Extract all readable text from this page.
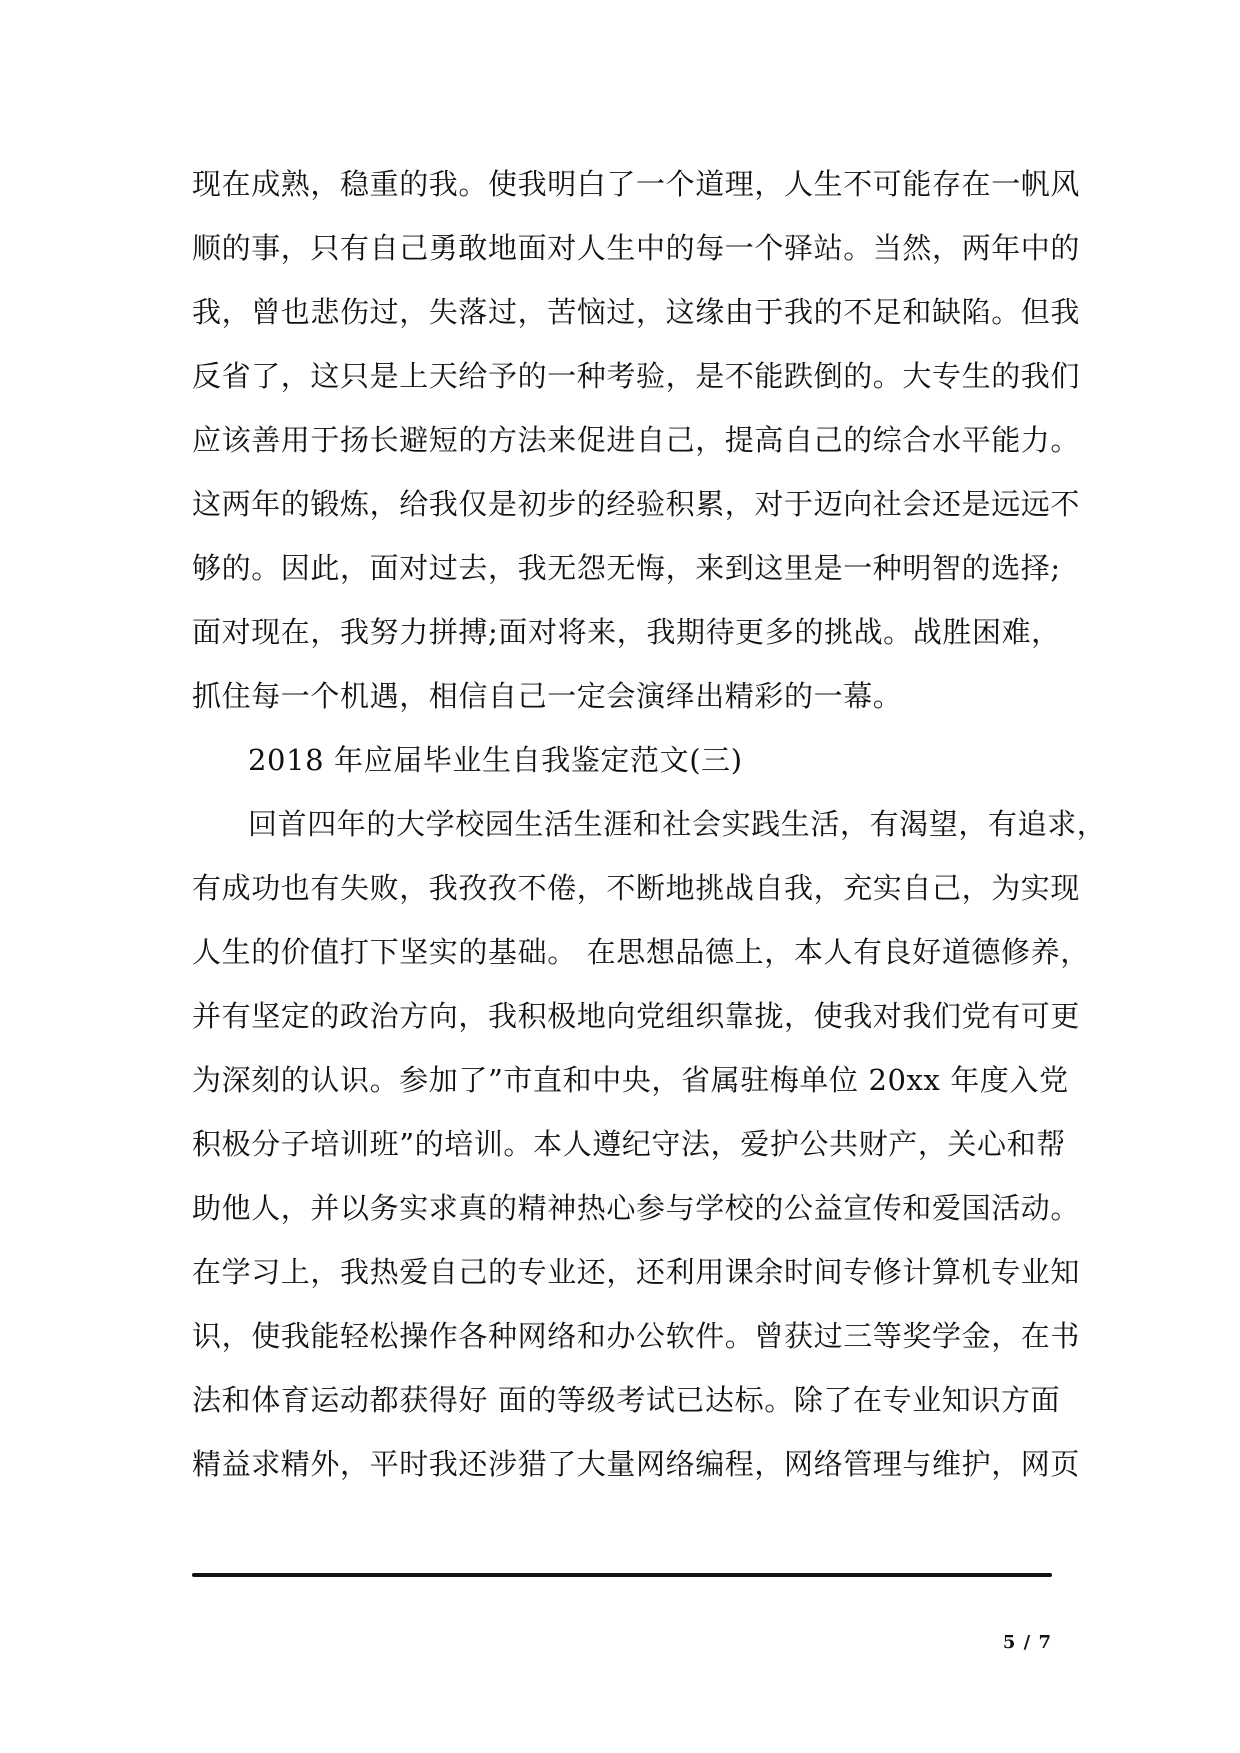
现在成熟，稳重的我。使我明白了一个道理，人生不可能存在一帆风
顺的事，只有自己勇敢地面对人生中的每一个驿站。当然，两年中的
我，曾也悲伤过，失落过，苦恼过，这缘由于我的不足和缺陷。但我
反省了，这只是上天给予的一种考验，是不能跌倒的。大专生的我们
应该善用于扬长避短的方法来促进自己，提高自己的综合水平能力。
这两年的锻炼，给我仅是初步的经验积累，对于迈向社会还是远远不
够的。因此，面对过去，我无怨无悔，来到这里是一种明智的选择;
面对现在，我努力拼搏;面对将来，我期待更多的挑战。战胜困难，
抓住每一个机遇，相信自己一定会演绎出精彩的一幕。
2018 年应届毕业生自我鉴定范文(三)
回首四年的大学校园生活生涯和社会实践生活，有渴望，有追求，
有成功也有失败，我孜孜不倦，不断地挑战自我，充实自己，为实现
人生的价值打下坚实的基础。 在思想品德上，本人有良好道德修养，
并有坚定的政治方向，我积极地向党组织靠拢，使我对我们党有可更
为深刻的认识。参加了”市直和中央，省属驻梅单位 20xx 年度入党
积极分子培训班”的培训。本人遵纪守法，爱护公共财产，关心和帮
助他人，并以务实求真的精神热心参与学校的公益宣传和爱国活动。
在学习上，我热爱自己的专业还，还利用课余时间专修计算机专业知
识，使我能轻松操作各种网络和办公软件。曾获过三等奖学金，在书
法和体育运动都获得好 面的等级考试已达标。除了在专业知识方面
精益求精外，平时我还涉猎了大量网络编程，网络管理与维护，网页
5 / 7
